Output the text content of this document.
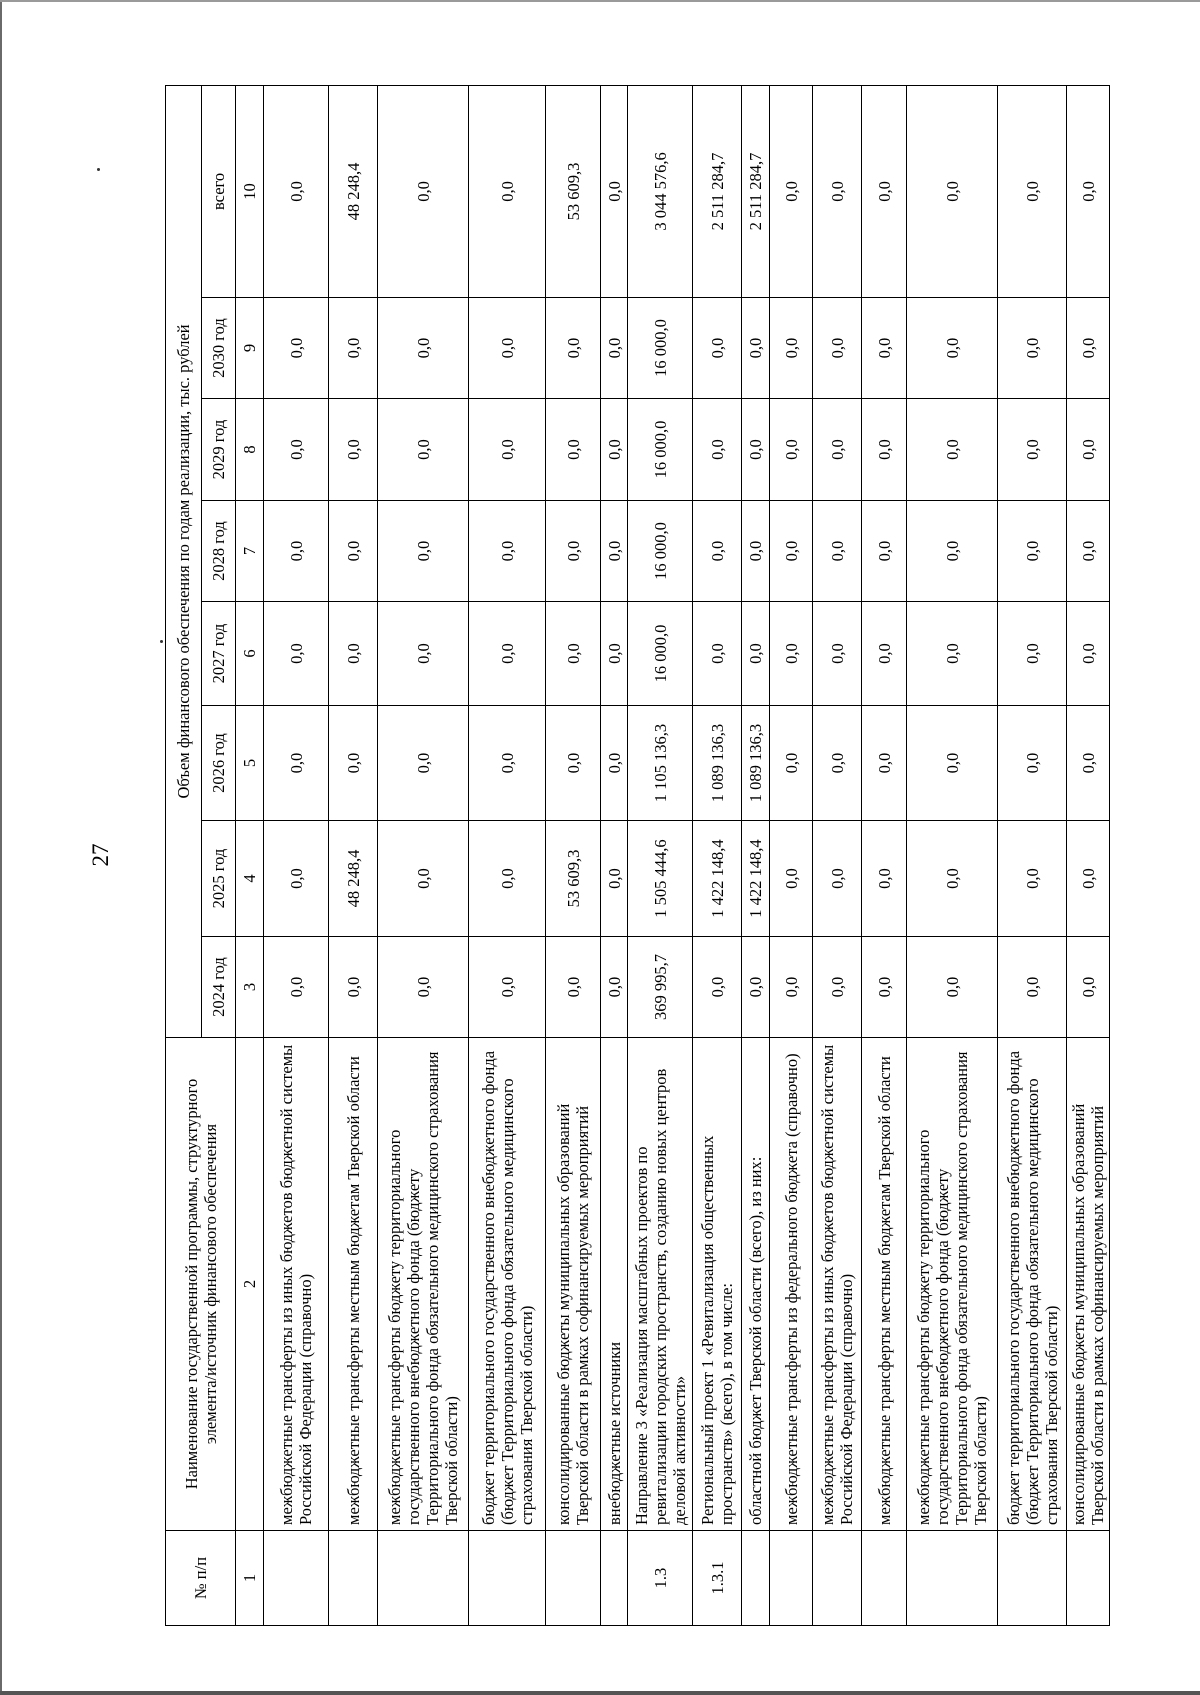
27
№ п/п	Наименование государственной программы, структурного элемента/источник финансового обеспечения	Объем финансового обеспечения по годам реализации, тыс. рублей							
		2024 год	2025 год	2026 год	2027 год	2028 год	2029 год	2030 год	всего
1	2	3	4	5	6	7	8	9	10
	межбюджетные трансферты из иных бюджетов бюджетной системы Российской Федерации (справочно)	0,0	0,0	0,0	0,0	0,0	0,0	0,0	0,0
	межбюджетные трансферты местным бюджетам Тверской области	0,0	48 248,4	0,0	0,0	0,0	0,0	0,0	48 248,4
	межбюджетные трансферты бюджету территориального государственного внебюджетного фонда (бюджету Территориального фонда обязательного медицинского страхования Тверской области)	0,0	0,0	0,0	0,0	0,0	0,0	0,0	0,0
	бюджет территориального государственного внебюджетного фонда (бюджет Территориального фонда обязательного медицинского страхования Тверской области)	0,0	0,0	0,0	0,0	0,0	0,0	0,0	0,0
	консолидированные бюджеты муниципальных образований Тверской области в рамках софинансируемых мероприятий	0,0	53 609,3	0,0	0,0	0,0	0,0	0,0	53 609,3
	внебюджетные источники	0,0	0,0	0,0	0,0	0,0	0,0	0,0	0,0
1.3	Направление 3 «Реализация масштабных проектов по ревитализации городских пространств, созданию новых центров деловой активности»	369 995,7	1 505 444,6	1 105 136,3	16 000,0	16 000,0	16 000,0	16 000,0	3 044 576,6
1.3.1	Региональный проект 1 «Ревитализация общественных пространств» (всего), в том числе:	0,0	1 422 148,4	1 089 136,3	0,0	0,0	0,0	0,0	2 511 284,7
	областной бюджет Тверской области (всего), из них:	0,0	1 422 148,4	1 089 136,3	0,0	0,0	0,0	0,0	2 511 284,7
	межбюджетные трансферты из федерального бюджета (справочно)	0,0	0,0	0,0	0,0	0,0	0,0	0,0	0,0
	межбюджетные трансферты из иных бюджетов бюджетной системы Российской Федерации (справочно)	0,0	0,0	0,0	0,0	0,0	0,0	0,0	0,0
	межбюджетные трансферты местным бюджетам Тверской области	0,0	0,0	0,0	0,0	0,0	0,0	0,0	0,0
	межбюджетные трансферты бюджету территориального государственного внебюджетного фонда (бюджету Территориального фонда обязательного медицинского страхования Тверской области)	0,0	0,0	0,0	0,0	0,0	0,0	0,0	0,0
	бюджет территориального государственного внебюджетного фонда (бюджет Территориального фонда обязательного медицинского страхования Тверской области)	0,0	0,0	0,0	0,0	0,0	0,0	0,0	0,0
	консолидированные бюджеты муниципальных образований Тверской области в рамках софинансируемых мероприятий	0,0	0,0	0,0	0,0	0,0	0,0	0,0	0,0
